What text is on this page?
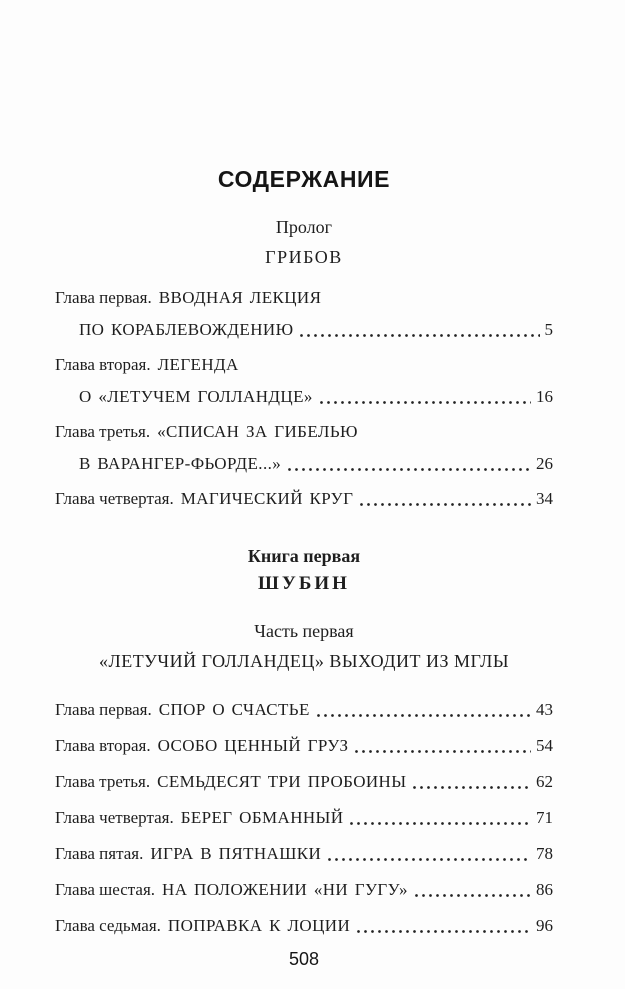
СОДЕРЖАНИЕ
Пролог
ГРИБОВ
Глава первая. ВВОДНАЯ ЛЕКЦИЯ
ПО КОРАБЛЕВОЖДЕНИЮ	5
Глава вторая. ЛЕГЕНДА
О «ЛЕТУЧЕМ ГОЛЛАНДЦЕ»	16
Глава третья. «СПИСАН ЗА ГИБЕЛЬЮ
В ВАРАНГЕР-ФЬОРДЕ...»	26
Глава четвертая. МАГИЧЕСКИЙ КРУГ	34
Книга первая
ШУБИН
Часть первая
«ЛЕТУЧИЙ ГОЛЛАНДЕЦ» ВЫХОДИТ ИЗ МГЛЫ
Глава первая. СПОР О СЧАСТЬЕ	43
Глава вторая. ОСОБО ЦЕННЫЙ ГРУЗ	54
Глава третья. СЕМЬДЕСЯТ ТРИ ПРОБОИНЫ	62
Глава четвертая. БЕРЕГ ОБМАННЫЙ	71
Глава пятая. ИГРА В ПЯТНАШКИ	78
Глава шестая. НА ПОЛОЖЕНИИ «НИ ГУГУ»	86
Глава седьмая. ПОПРАВКА К ЛОЦИИ	96
508
